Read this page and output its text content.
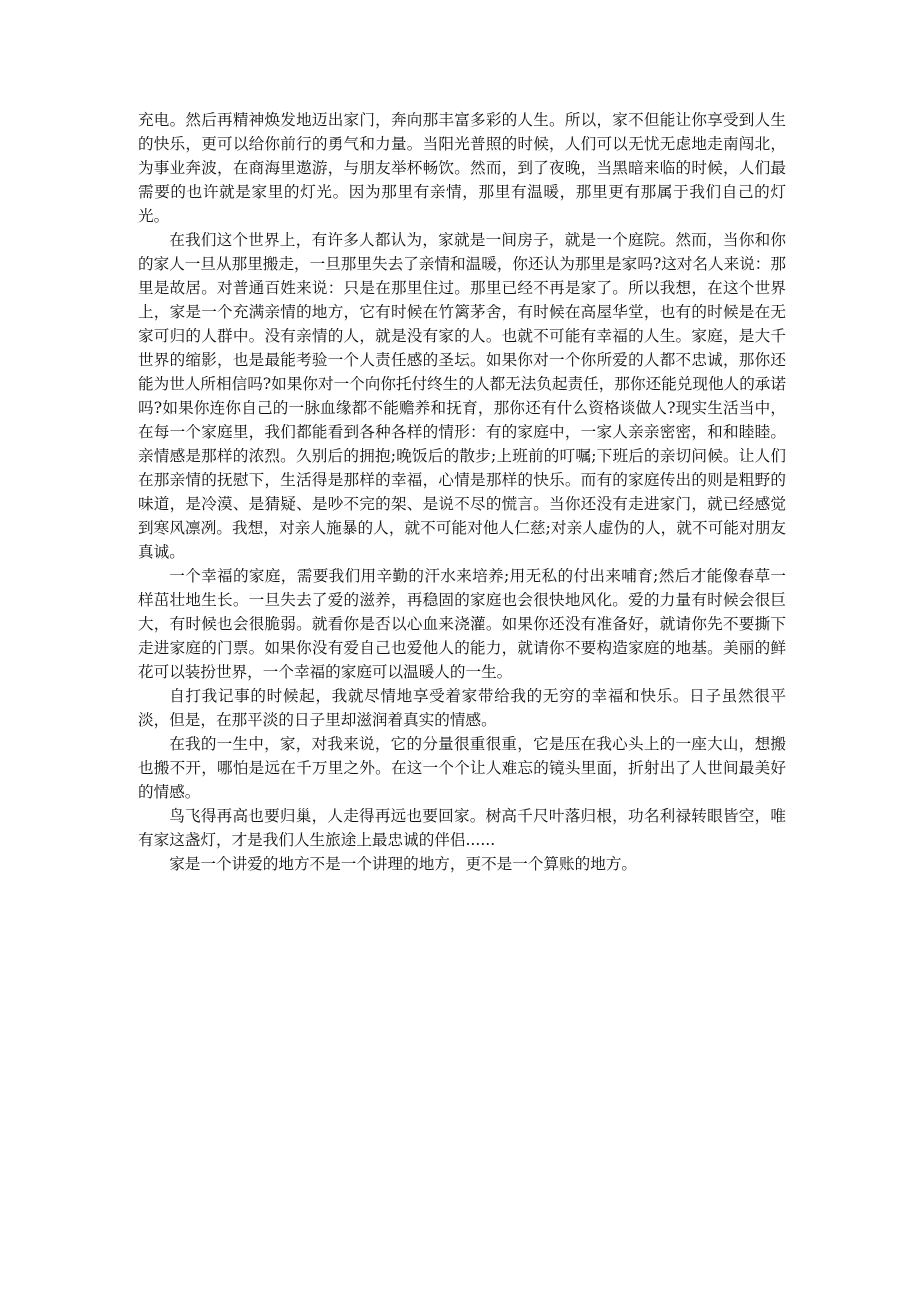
充电。然后再精神焕发地迈出家门，奔向那丰富多彩的人生。所以，家不但能让你享受到人生的快乐，更可以给你前行的勇气和力量。当阳光普照的时候，人们可以无忧无虑地走南闯北，为事业奔波，在商海里遨游，与朋友举杯畅饮。然而，到了夜晚，当黑暗来临的时候，人们最需要的也许就是家里的灯光。因为那里有亲情，那里有温暖，那里更有那属于我们自己的灯光。

在我们这个世界上，有许多人都认为，家就是一间房子，就是一个庭院。然而，当你和你的家人一旦从那里搬走，一旦那里失去了亲情和温暖，你还认为那里是家吗?这对名人来说：那里是故居。对普通百姓来说：只是在那里住过。那里已经不再是家了。所以我想，在这个世界上，家是一个充满亲情的地方，它有时候在竹篱茅舍，有时候在高屋华堂，也有的时候是在无家可归的人群中。没有亲情的人，就是没有家的人。也就不可能有幸福的人生。家庭，是大千世界的缩影，也是最能考验一个人责任感的圣坛。如果你对一个你所爱的人都不忠诚，那你还能为世人所相信吗?如果你对一个向你托付终生的人都无法负起责任，那你还能兑现他人的承诺吗?如果你连你自己的一脉血缘都不能赡养和抚育，那你还有什么资格谈做人?现实生活当中，在每一个家庭里，我们都能看到各种各样的情形：有的家庭中，一家人亲亲密密，和和睦睦。亲情感是那样的浓烈。久别后的拥抱;晚饭后的散步;上班前的叮嘱;下班后的亲切问候。让人们在那亲情的抚慰下，生活得是那样的幸福，心情是那样的快乐。而有的家庭传出的则是粗野的味道，是冷漠、是猜疑、是吵不完的架、是说不尽的慌言。当你还没有走进家门，就已经感觉到寒风凛冽。我想，对亲人施暴的人，就不可能对他人仁慈;对亲人虚伪的人，就不可能对朋友真诚。

一个幸福的家庭，需要我们用辛勤的汗水来培养;用无私的付出来哺育;然后才能像春草一样茁壮地生长。一旦失去了爱的滋养，再稳固的家庭也会很快地风化。爱的力量有时候会很巨大，有时候也会很脆弱。就看你是否以心血来浇灌。如果你还没有准备好，就请你先不要撕下走进家庭的门票。如果你没有爱自己也爱他人的能力，就请你不要构造家庭的地基。美丽的鲜花可以装扮世界，一个幸福的家庭可以温暖人的一生。

自打我记事的时候起，我就尽情地享受着家带给我的无穷的幸福和快乐。日子虽然很平淡，但是，在那平淡的日子里却滋润着真实的情感。

在我的一生中，家，对我来说，它的分量很重很重，它是压在我心头上的一座大山，想搬也搬不开，哪怕是远在千万里之外。在这一个个让人难忘的镜头里面，折射出了人世间最美好的情感。

鸟飞得再高也要归巢，人走得再远也要回家。树高千尺叶落归根，功名利禄转眼皆空，唯有家这盏灯，才是我们人生旅途上最忠诚的伴侣......

家是一个讲爱的地方不是一个讲理的地方，更不是一个算账的地方。
